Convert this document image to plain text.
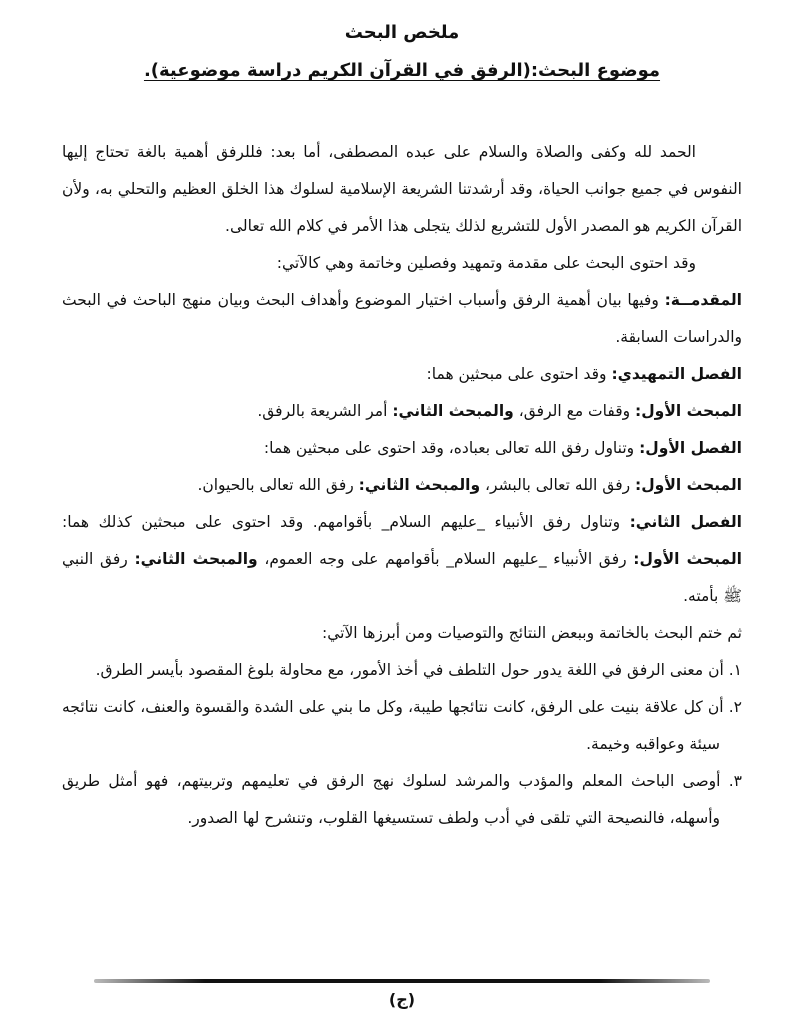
ملخص البحث
موضوع البحث:(الرفق في القرآن الكريم دراسة موضوعية).

الحمد لله وكفى والصلاة والسلام على عبده المصطفى، أما بعد: فللرفق أهمية بالغة تحتاج إليها النفوس في جميع جوانب الحياة، وقد أرشدتنا الشريعة الإسلامية لسلوك هذا الخلق العظيم والتحلي به، ولأن القرآن الكريم هو المصدر الأول للتشريع لذلك يتجلى هذا الأمر في كلام الله تعالى.

وقد احتوى البحث على مقدمة وتمهيد وفصلين وخاتمة وهي كالآتي:

المقدمــة: وفيها بيان أهمية الرفق وأسباب اختيار الموضوع وأهداف البحث وبيان منهج الباحث في البحث والدراسات السابقة.

الفصل التمهيدي: وقد احتوى على مبحثين هما:

المبحث الأول: وقفات مع الرفق، والمبحث الثاني: أمر الشريعة بالرفق.

الفصل الأول: وتناول رفق الله تعالى بعباده، وقد احتوى على مبحثين هما:

المبحث الأول: رفق الله تعالى بالبشر، والمبحث الثاني: رفق الله تعالى بالحيوان.

الفصل الثاني: وتناول رفق الأنبياء _عليهم السلام_ بأقوامهم. وقد احتوى على مبحثين كذلك هما: المبحث الأول: رفق الأنبياء _عليهم السلام_ بأقوامهم على وجه العموم، والمبحث الثاني: رفق النبي ﷺ بأمته.

ثم ختم البحث بالخاتمة وببعض النتائج والتوصيات ومن أبرزها الآتي:

١. أن معنى الرفق في اللغة يدور حول التلطف في أخذ الأمور، مع محاولة بلوغ المقصود بأيسر الطرق.

٢. أن كل علاقة بنيت على الرفق، كانت نتائجها طيبة، وكل ما بني على الشدة والقسوة والعنف، كانت نتائجه سيئة وعواقبه وخيمة.

٣. أوصى الباحث المعلم والمؤدب والمرشد لسلوك نهج الرفق في تعليمهم وتربيتهم، فهو أمثل طريق وأسهله، فالنصيحة التي تلقى في أدب ولطف تستسيغها القلوب، وتنشرح لها الصدور.

(ج)
